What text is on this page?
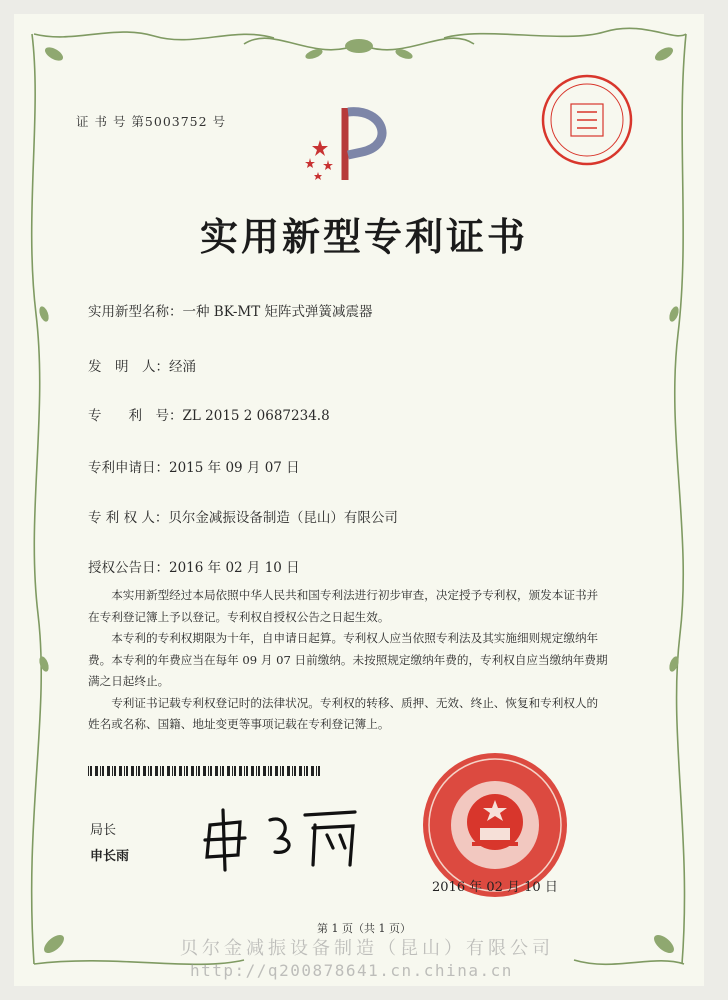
证 书 号 第5003752 号
实用新型专利证书
实用新型名称：一种 BK-MT 矩阵式弹簧减震器
发　明　人：经涌
专　　利　号：ZL 2015 2 0687234.8
专利申请日：2015 年 09 月 07 日
专 利 权 人：贝尔金减振设备制造（昆山）有限公司
授权公告日：2016 年 02 月 10 日

本实用新型经过本局依照中华人民共和国专利法进行初步审查，决定授予专利权，颁发本证书并在专利登记簿上予以登记。专利权自授权公告之日起生效。

本专利的专利权期限为十年，自申请日起算。专利权人应当依照专利法及其实施细则规定缴纳年费。本专利的年费应当在每年 09 月 07 日前缴纳。未按照规定缴纳年费的，专利权自应当缴纳年费期满之日起终止。

专利证书记载专利权登记时的法律状况。专利权的转移、质押、无效、终止、恢复和专利权人的姓名或名称、国籍、地址变更等事项记载在专利登记簿上。

局长
申长雨
2016 年 02 月 10 日
第 1 页（共 1 页）
贝尔金减振设备制造（昆山）有限公司
http://q200878641.cn.china.cn
